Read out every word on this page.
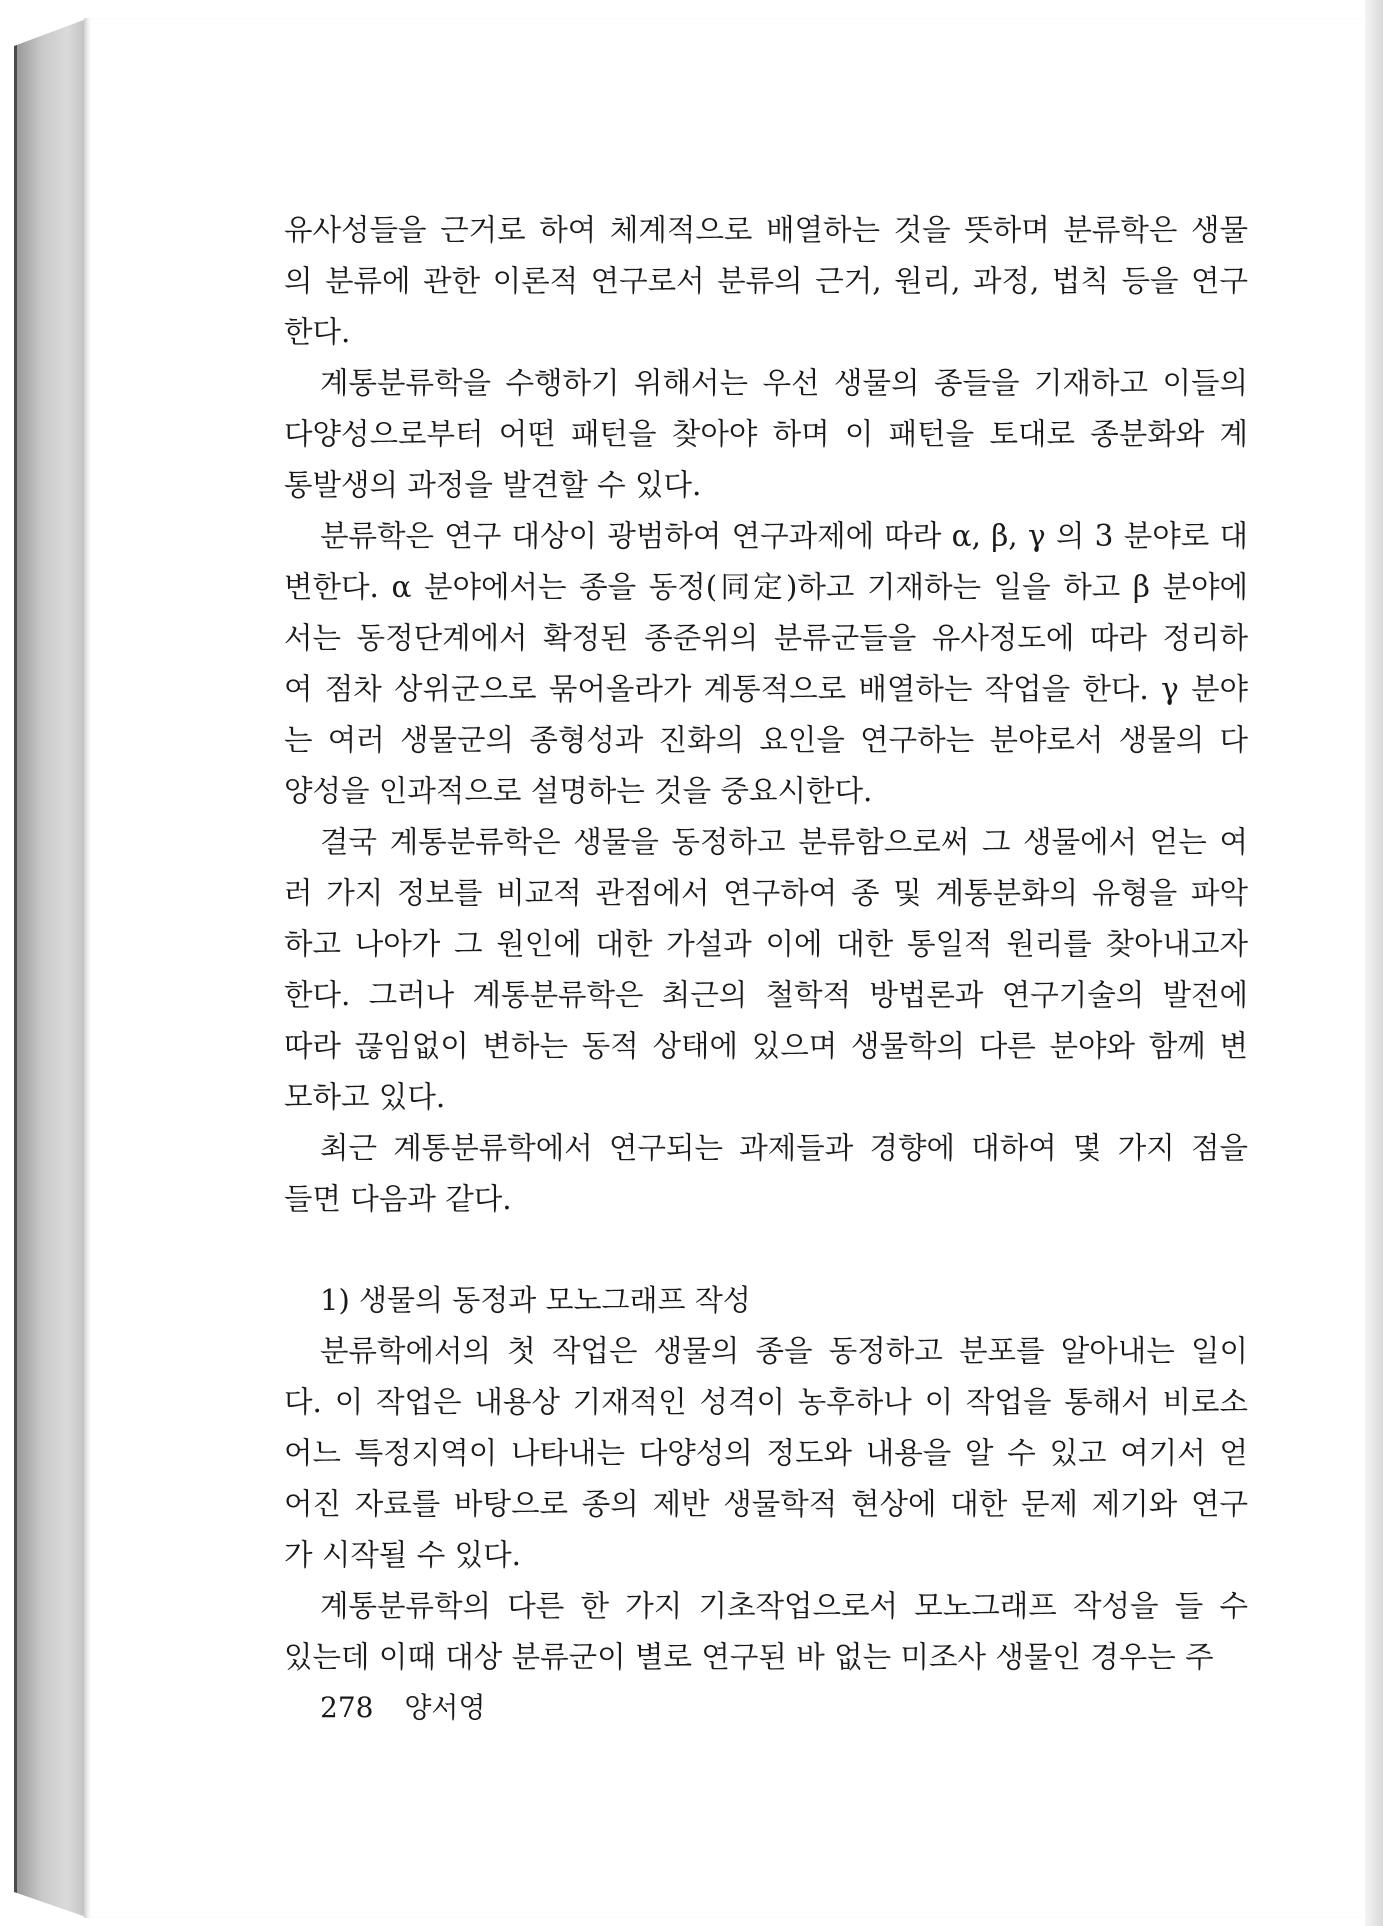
유사성들을 근거로 하여 체계적으로 배열하는 것을 뜻하며 분류학은 생물
의 분류에 관한 이론적 연구로서 분류의 근거, 원리, 과정, 법칙 등을 연구
한다.
계통분류학을 수행하기 위해서는 우선 생물의 종들을 기재하고 이들의
다양성으로부터 어떤 패턴을 찾아야 하며 이 패턴을 토대로 종분화와 계
통발생의 과정을 발견할 수 있다.
분류학은 연구 대상이 광범하여 연구과제에 따라 α, β, γ 의 3 분야로 대
변한다. α 분야에서는 종을 동정(同定)하고 기재하는 일을 하고 β 분야에
서는 동정단계에서 확정된 종준위의 분류군들을 유사정도에 따라 정리하
여 점차 상위군으로 묶어올라가 계통적으로 배열하는 작업을 한다. γ 분야
는 여러 생물군의 종형성과 진화의 요인을 연구하는 분야로서 생물의 다
양성을 인과적으로 설명하는 것을 중요시한다.
결국 계통분류학은 생물을 동정하고 분류함으로써 그 생물에서 얻는 여
러 가지 정보를 비교적 관점에서 연구하여 종 및 계통분화의 유형을 파악
하고 나아가 그 원인에 대한 가설과 이에 대한 통일적 원리를 찾아내고자
한다. 그러나 계통분류학은 최근의 철학적 방법론과 연구기술의 발전에
따라 끊임없이 변하는 동적 상태에 있으며 생물학의 다른 분야와 함께 변
모하고 있다.
최근 계통분류학에서 연구되는 과제들과 경향에 대하여 몇 가지 점을
들면 다음과 같다.
1) 생물의 동정과 모노그래프 작성
분류학에서의 첫 작업은 생물의 종을 동정하고 분포를 알아내는 일이
다. 이 작업은 내용상 기재적인 성격이 농후하나 이 작업을 통해서 비로소
어느 특정지역이 나타내는 다양성의 정도와 내용을 알 수 있고 여기서 얻
어진 자료를 바탕으로 종의 제반 생물학적 현상에 대한 문제 제기와 연구
가 시작될 수 있다.
계통분류학의 다른 한 가지 기초작업으로서 모노그래프 작성을 들 수
있는데 이때 대상 분류군이 별로 연구된 바 없는 미조사 생물인 경우는 주
278 양서영
